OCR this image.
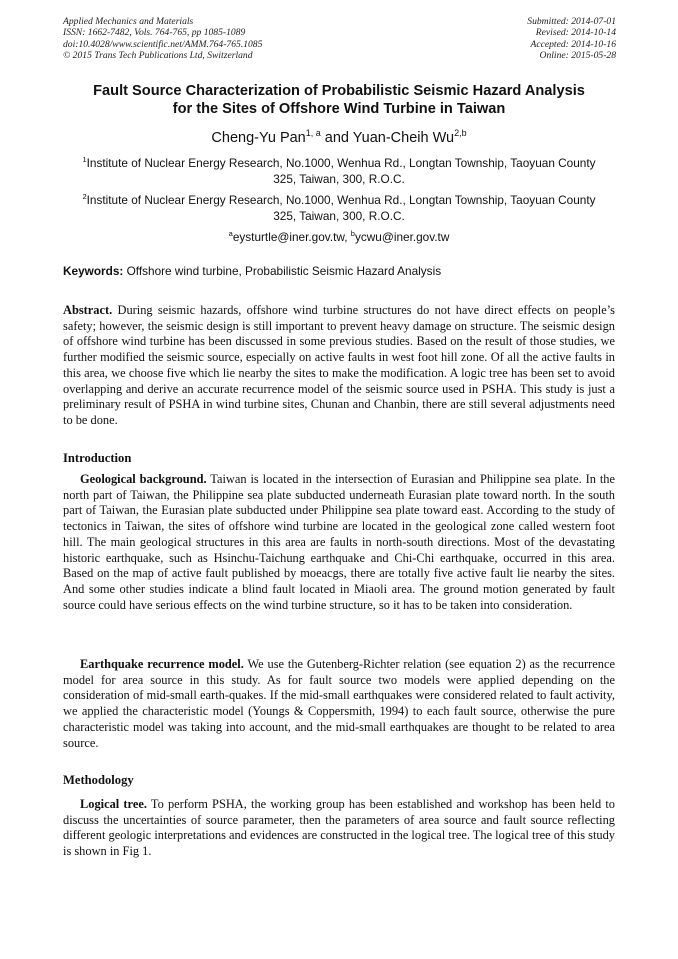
Applied Mechanics and Materials
ISSN: 1662-7482, Vols. 764-765, pp 1085-1089
doi:10.4028/www.scientific.net/AMM.764-765.1085
© 2015 Trans Tech Publications Ltd, Switzerland
Submitted: 2014-07-01
Revised: 2014-10-14
Accepted: 2014-10-16
Online: 2015-05-28
Fault Source Characterization of Probabilistic Seismic Hazard Analysis
for the Sites of Offshore Wind Turbine in Taiwan
Cheng-Yu Pan$^{1, a}$ and Yuan-Cheih Wu$^{2,b}$
$^1$Institute of Nuclear Energy Research, No.1000, Wenhua Rd., Longtan Township, Taoyuan County
325, Taiwan, 300, R.O.C.
$^2$Institute of Nuclear Energy Research, No.1000, Wenhua Rd., Longtan Township, Taoyuan County
325, Taiwan, 300, R.O.C.
$^a$eysturtle@iner.gov.tw, $^b$ycwu@iner.gov.tw
Keywords: Offshore wind turbine, Probabilistic Seismic Hazard Analysis

Abstract. During seismic hazards, offshore wind turbine structures do not have direct effects on people’s safety; however, the seismic design is still important to prevent heavy damage on structure. The seismic design of offshore wind turbine has been discussed in some previous studies. Based on the result of those studies, we further modified the seismic source, especially on active faults in west foot hill zone. Of all the active faults in this area, we choose five which lie nearby the sites to make the modification. A logic tree has been set to avoid overlapping and derive an accurate recurrence model of the seismic source used in PSHA. This study is just a preliminary result of PSHA in wind turbine sites, Chunan and Chanbin, there are still several adjustments need to be done.

Introduction

Geological background. Taiwan is located in the intersection of Eurasian and Philippine sea plate. In the north part of Taiwan, the Philippine sea plate subducted underneath Eurasian plate toward north. In the south part of Taiwan, the Eurasian plate subducted under Philippine sea plate toward east. According to the study of tectonics in Taiwan, the sites of offshore wind turbine are located in the geological zone called western foot hill. The main geological structures in this area are faults in north-south directions. Most of the devastating historic earthquake, such as Hsinchu-Taichung earthquake and Chi-Chi earthquake, occurred in this area. Based on the map of active fault published by moeacgs, there are totally five active fault lie nearby the sites. And some other studies indicate a blind fault located in Miaoli area. The ground motion generated by fault source could have serious effects on the wind turbine structure, so it has to be taken into consideration.

Earthquake recurrence model. We use the Gutenberg-Richter relation (see equation 2) as the recurrence model for area source in this study. As for fault source two models were applied depending on the consideration of mid-small earth-quakes. If the mid-small earthquakes were considered related to fault activity, we applied the characteristic model (Youngs & Coppersmith, 1994) to each fault source, otherwise the pure characteristic model was taking into account, and the mid-small earthquakes are thought to be related to area source.

Methodology

Logical tree. To perform PSHA, the working group has been established and workshop has been held to discuss the uncertainties of source parameter, then the parameters of area source and fault source reflecting different geologic interpretations and evidences are constructed in the logical tree. The logical tree of this study is shown in Fig 1.
